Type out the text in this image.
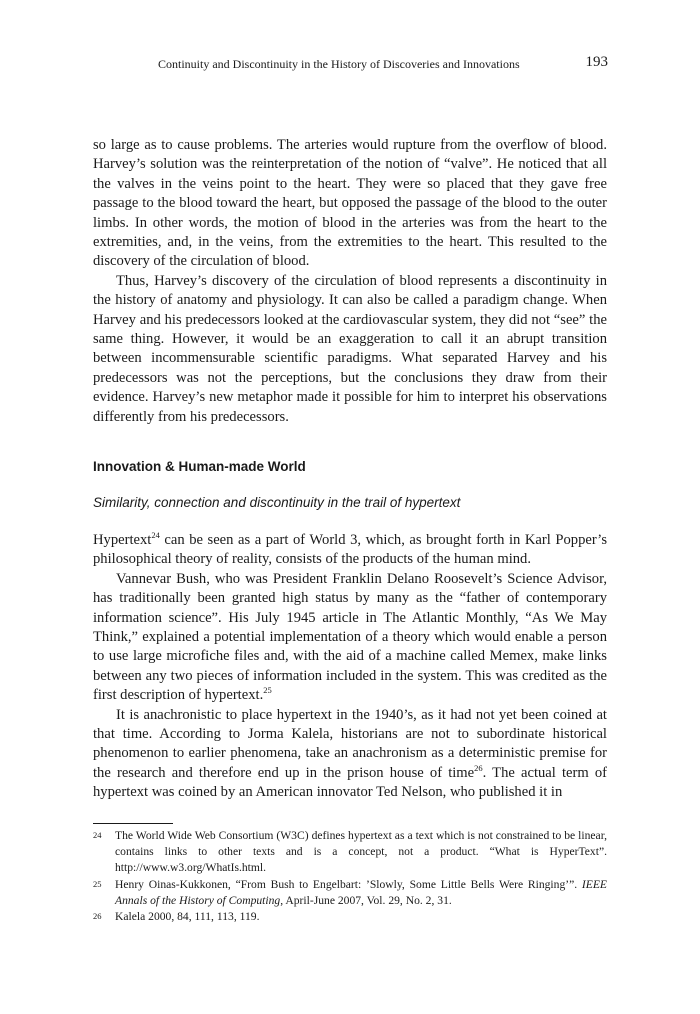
Continuity and Discontinuity in the History of Discoveries and Innovations	193

so large as to cause problems. The arteries would rupture from the overflow of blood. Harvey’s solution was the reinterpretation of the notion of “valve”. He noticed that all the valves in the veins point to the heart. They were so placed that they gave free passage to the blood toward the heart, but opposed the passage of the blood to the outer limbs. In other words, the motion of blood in the arteries was from the heart to the extremities, and, in the veins, from the extremities to the heart. This resulted to the discovery of the circulation of blood.

Thus, Harvey’s discovery of the circulation of blood represents a discontinuity in the history of anatomy and physiology. It can also be called a paradigm change. When Harvey and his predecessors looked at the cardiovascular system, they did not “see” the same thing. However, it would be an exaggeration to call it an abrupt transition between incommensurable scientific paradigms. What separated Harvey and his predecessors was not the perceptions, but the conclusions they draw from their evidence. Harvey’s new metaphor made it possible for him to interpret his observations differently from his predecessors.

Innovation & Human-made World
Similarity, connection and discontinuity in the trail of hypertext

Hypertext$^{24}$ can be seen as a part of World 3, which, as brought forth in Karl Popper’s philosophical theory of reality, consists of the products of the human mind.

Vannevar Bush, who was President Franklin Delano Roosevelt’s Science Advisor, has traditionally been granted high status by many as the “father of contemporary information science”. His July 1945 article in The Atlantic Monthly, “As We May Think,” explained a potential implementation of a theory which would enable a person to use large microfiche files and, with the aid of a machine called Memex, make links between any two pieces of information included in the system. This was credited as the first description of hypertext.$^{25}$

It is anachronistic to place hypertext in the 1940’s, as it had not yet been coined at that time. According to Jorma Kalela, historians are not to subordinate historical phenomenon to earlier phenomena, take an anachronism as a deterministic premise for the research and therefore end up in the prison house of time$^{26}$. The actual term of hypertext was coined by an American innovator Ted Nelson, who published it in

24 The World Wide Web Consortium (W3C) defines hypertext as a text which is not constrained to be linear, contains links to other texts and is a concept, not a product. “What is HyperText”. http://www.w3.org/WhatIs.html.
25 Henry Oinas-Kukkonen, “From Bush to Engelbart: ’Slowly, Some Little Bells Were Ringing’”. IEEE Annals of the History of Computing, April-June 2007, Vol. 29, No. 2, 31.
26 Kalela 2000, 84, 111, 113, 119.
